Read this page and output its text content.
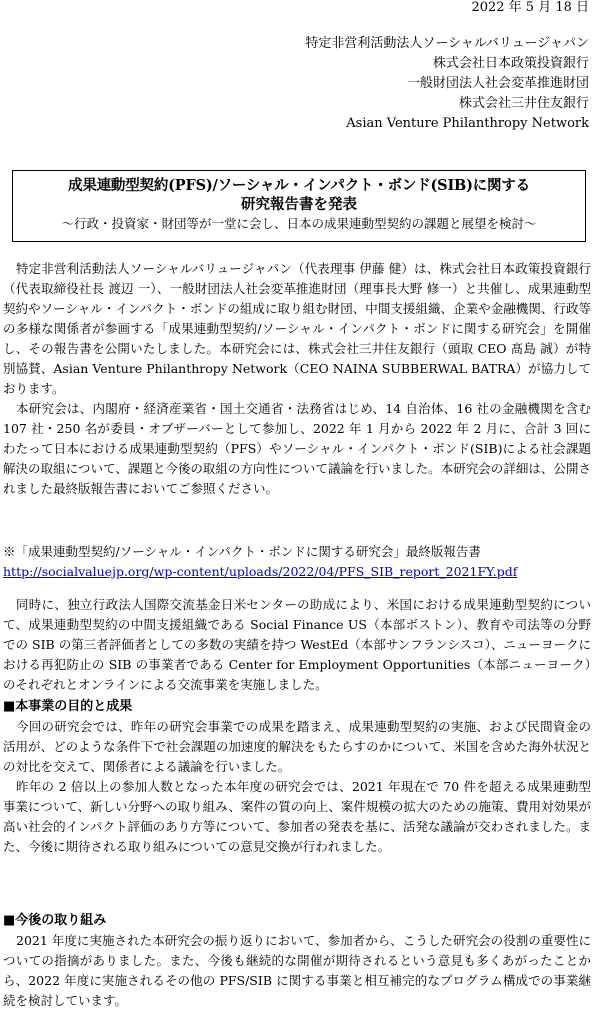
2022 年 5 月 18 日
特定非営利活動法人ソーシャルバリュージャパン
株式会社日本政策投資銀行
一般財団法人社会変革推進財団
株式会社三井住友銀行
Asian Venture Philanthropy Network
成果連動型契約(PFS)/ソーシャル・インパクト・ボンド(SIB)に関する
研究報告書を発表
～行政・投資家・財団等が一堂に会し、日本の成果連動型契約の課題と展望を検討～

特定非営利活動法人ソーシャルバリュージャパン（代表理事 伊藤 健）は、株式会社日本政策投資銀行（代表取締役社長 渡辺 一）、一般財団法人社会変革推進財団（理事長大野 修一）と共催し、成果連動型契約やソーシャル・インパクト・ボンドの組成に取り組む財団、中間支援組織、企業や金融機関、行政等の多様な関係者が参画する「成果連動型契約/ソーシャル・インパクト・ボンドに関する研究会」を開催し、その報告書を公開いたしました。本研究会には、株式会社三井住友銀行（頭取 CEO 髙島 誠）が特別協賛、Asian Venture Philanthropy Network（CEO NAINA SUBBERWAL BATRA）が協力しております。

本研究会は、内閣府・経済産業省・国土交通省・法務省はじめ、14 自治体、16 社の金融機関を含む 107 社・250 名が委員・オブザーバーとして参加し、2022 年 1 月から 2022 年 2 月に、合計 3 回にわたって日本における成果連動型契約（PFS）やソーシャル・インパクト・ボンド(SIB)による社会課題解決の取組について、課題と今後の取組の方向性について議論を行いました。本研究会の詳細は、公開されました最終版報告書においてご参照ください。

※「成果連動型契約/ソーシャル・インパクト・ボンドに関する研究会」最終版報告書
http://socialvaluejp.org/wp-content/uploads/2022/04/PFS_SIB_report_2021FY.pdf

同時に、独立行政法人国際交流基金日米センターの助成により、米国における成果連動型契約について、成果連動型契約の中間支援組織である Social Finance US（本部ボストン）、教育や司法等の分野での SIB の第三者評価者としての多数の実績を持つ WestEd（本部サンフランシスコ）、ニューヨークにおける再犯防止の SIB の事業者である Center for Employment Opportunities（本部ニューヨーク）のそれぞれとオンラインによる交流事業を実施しました。

■本事業の目的と成果

今回の研究会では、昨年の研究会事業での成果を踏まえ、成果連動型契約の実施、および民間資金の活用が、どのような条件下で社会課題の加速度的解決をもたらすのかについて、米国を含めた海外状況との対比を交えて、関係者による議論を行いました。

昨年の 2 倍以上の参加人数となった本年度の研究会では、2021 年現在で 70 件を超える成果連動型事業について、新しい分野への取り組み、案件の質の向上、案件規模の拡大のための施策、費用対効果が高い社会的インパクト評価のあり方等について、参加者の発表を基に、活発な議論が交わされました。また、今後に期待される取り組みについての意見交換が行われました。

■今後の取り組み

2021 年度に実施された本研究会の振り返りにおいて、参加者から、こうした研究会の役割の重要性についての指摘がありました。また、今後も継続的な開催が期待されるという意見も多くあがったことから、2022 年度に実施されるその他の PFS/SIB に関する事業と相互補完的なプログラム構成での事業継続を検討しています。
